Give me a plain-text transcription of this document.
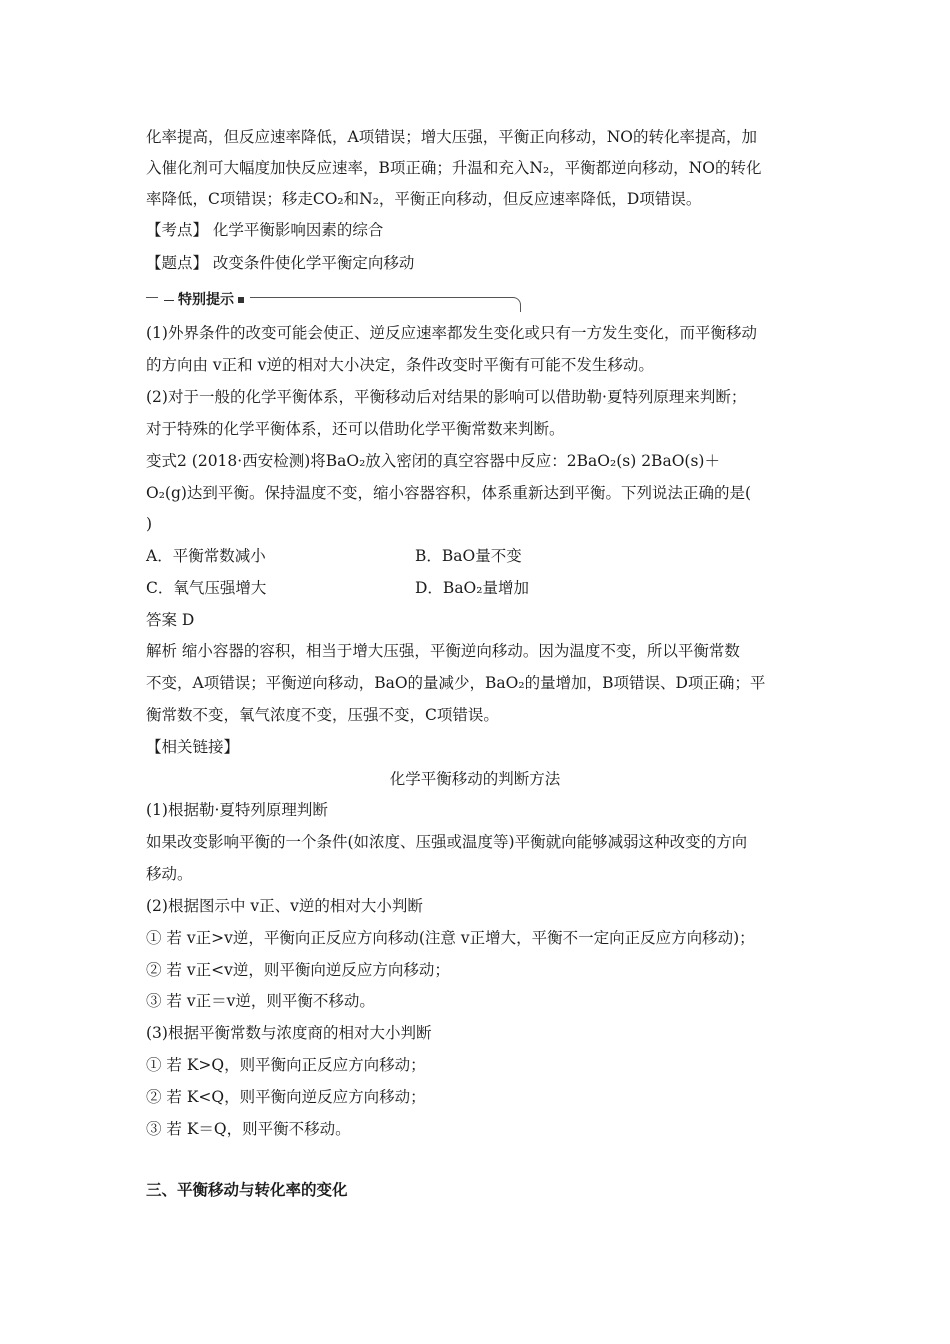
化率提高，但反应速率降低，A项错误；增大压强，平衡正向移动，NO的转化率提高，加
入催化剂可大幅度加快反应速率，B项正确；升温和充入N₂，平衡都逆向移动，NO的转化
率降低，C项错误；移走CO₂和N₂，平衡正向移动，但反应速率降低，D项错误。
【考点】 化学平衡影响因素的综合
【题点】 改变条件使化学平衡定向移动
特别提示
(1)外界条件的改变可能会使正、逆反应速率都发生变化或只有一方发生变化，而平衡移动
的方向由 v正和 v逆的相对大小决定，条件改变时平衡有可能不发生移动。
(2)对于一般的化学平衡体系，平衡移动后对结果的影响可以借助勒·夏特列原理来判断；
对于特殊的化学平衡体系，还可以借助化学平衡常数来判断。
变式2 (2018·西安检测)将BaO₂放入密闭的真空容器中反应：2BaO₂(s) 2BaO(s)＋
O₂(g)达到平衡。保持温度不变，缩小容器容积，体系重新达到平衡。下列说法正确的是(
)
A．平衡常数减小	B．BaO量不变
C．氧气压强增大	D．BaO₂量增加
答案 D
解析 缩小容器的容积，相当于增大压强，平衡逆向移动。因为温度不变，所以平衡常数
不变，A项错误；平衡逆向移动，BaO的量减少，BaO₂的量增加，B项错误、D项正确；平
衡常数不变，氧气浓度不变，压强不变，C项错误。
【相关链接】
化学平衡移动的判断方法
(1)根据勒·夏特列原理判断
如果改变影响平衡的一个条件(如浓度、压强或温度等)平衡就向能够减弱这种改变的方向
移动。
(2)根据图示中 v正、v逆的相对大小判断
① 若 v正>v逆，平衡向正反应方向移动(注意 v正增大，平衡不一定向正反应方向移动)；
② 若 v正<v逆，则平衡向逆反应方向移动；
③ 若 v正＝v逆，则平衡不移动。
(3)根据平衡常数与浓度商的相对大小判断
① 若 K>Q，则平衡向正反应方向移动；
② 若 K<Q，则平衡向逆反应方向移动；
③ 若 K＝Q，则平衡不移动。
三、平衡移动与转化率的变化
